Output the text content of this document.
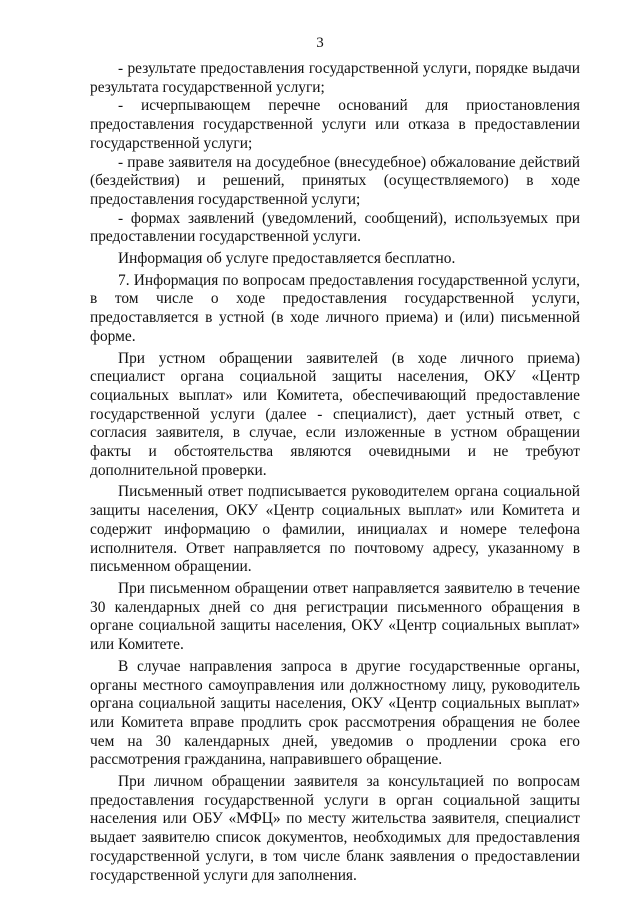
3

- результате предоставления государственной услуги, порядке выдачи результата государственной услуги;

- исчерпывающем перечне оснований для приостановления предоставления государственной услуги или отказа в предоставлении государственной услуги;

- праве заявителя на досудебное (внесудебное) обжалование действий (бездействия) и решений, принятых (осуществляемого) в ходе предоставления государственной услуги;

- формах заявлений (уведомлений, сообщений), используемых при предоставлении государственной услуги.

Информация об услуге предоставляется бесплатно.

7. Информация по вопросам предоставления государственной услуги, в том числе о ходе предоставления государственной услуги, предоставляется в устной (в ходе личного приема) и (или) письменной форме.

При устном обращении заявителей (в ходе личного приема) специалист органа социальной защиты населения, ОКУ «Центр социальных выплат» или Комитета, обеспечивающий предоставление государственной услуги (далее - специалист), дает устный ответ, с согласия заявителя, в случае, если изложенные в устном обращении факты и обстоятельства являются очевидными и не требуют дополнительной проверки.

Письменный ответ подписывается руководителем органа социальной защиты населения, ОКУ «Центр социальных выплат» или Комитета и содержит информацию о фамилии, инициалах и номере телефона исполнителя. Ответ направляется по почтовому адресу, указанному в письменном обращении.

При письменном обращении ответ направляется заявителю в течение 30 календарных дней со дня регистрации письменного обращения в органе социальной защиты населения, ОКУ «Центр социальных выплат» или Комитете.

В случае направления запроса в другие государственные органы, органы местного самоуправления или должностному лицу, руководитель органа социальной защиты населения, ОКУ «Центр социальных выплат» или Комитета вправе продлить срок рассмотрения обращения не более чем на 30 календарных дней, уведомив о продлении срока его рассмотрения гражданина, направившего обращение.

При личном обращении заявителя за консультацией по вопросам предоставления государственной услуги в орган социальной защиты населения или ОБУ «МФЦ» по месту жительства заявителя, специалист выдает заявителю список документов, необходимых для предоставления государственной услуги, в том числе бланк заявления о предоставлении государственной услуги для заполнения.
